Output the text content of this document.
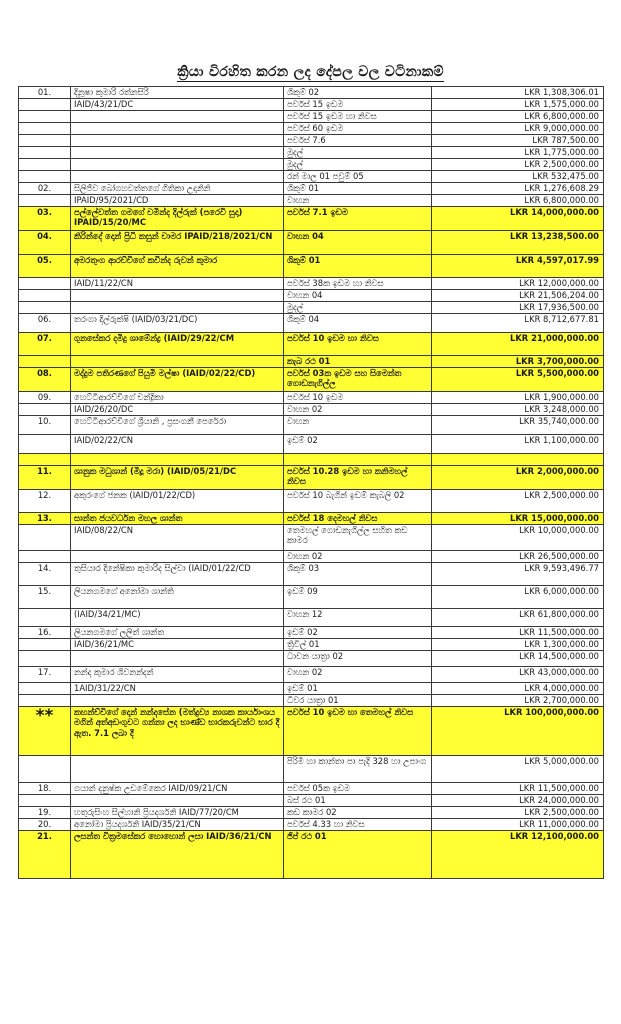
ක්‍රියා විරහිත කරන ලද දේපල වල වටිනාකම්
01.	දිනූෂා කුමාරි රත්නසිරි	ශිකුම් 02	LKR 1,308,306.01
	IAID/43/21/DC	පර්වස් 15 ඉඩම	LKR 1,575,000.00
		පර්වස් 15 ඉඩම හා නිවස	LKR 6,800,000.00
		පර්වස් 60 ඉඩම	LKR 9,000,000.00
		පර්වස් 7.6	LKR 787,500.00
		මුදල්	LKR 1,775,000.00
		මුදල්	LKR 2,500,000.00
		රන් මාල 01 පවුම් 05	LKR 532,475.00
02.	සිලිජිව බෝගහවත්තගේ ගිතිකා උදානිනි	ශිකුම් 01	LKR 1,276,608.29
	IPAID/95/2021/CD	වාහන	LKR 6,800,000.00
03.	පල්ලේවත්ත ගමගේ චමින්ද දිල්රුක් (පරෙවි සුදා) IPAID/15/20/MC	පර්වස් 7.1 ඉඩම	LKR 14,000,000.00
04.	කිරින්දේ දොන් ප්‍රිධි කසුන් චාමර IPAID/218/2021/CN	වාහන 04	LKR 13,238,500.00
05.	අමරතුංග ආරච්චිගේ කවින්ද රුවන් කුමාර	ශිකුම් 01	LKR 4,597,017.99
	IAID/11/22/CN	පර්වස් 38ක ඉඩම හා නිවස	LKR 12,000,000.00
		වාහන 04	LKR 21,506,204.00
		මුදල්	LKR 17,936,500.00
06.	තරංගා දිල්රුක්ෂි (IAID/03/21/DC)	ශිකුම් 04	LKR 8,712,677.81
07.	ගුනසේකර දමිදු ශාමේන්ද්‍ර (IAID/29/22/CM	පර්වස් 10 ඉඩම හා නිවස	LKR 21,000,000.00
		කැබ රථ 01	LKR 3,700,000.00
08.	මද්දුම පතිරණගේ පියුමි මල්ෂා (IAID/02/22/CD)	පර්වස් 03ක ඉඩම සහ සිමෙන්ත ගොඩනැගිල්ල	LKR 5,500,000.00
09.	හෙට්ටිආරච්චිගේ චන්ද්‍රිකා	පර්වස් 10 ඉඩම	LKR 1,900,000.00
	IAID/26/20/DC	වාහන 02	LKR 3,248,000.00
10.	හෙට්ටිආරච්චිගේ ශ්‍රියානි , ප්‍රසංගනී පෙරේරා	වාහන	LKR 35,740,000.00
	IAID/02/22/CN	ඉඩම් 02	LKR 1,100,000.00

11.	ශානුක මධුශාන් (මීදූ මරා) (IAID/05/21/DC	පර්වස් 10.28 ඉඩම හා කනිමහල් නිවස	LKR 2,000,000.00
12.	අකුරංගේ ජනක (IAID/01/22/CD)	පර්වස් 10 බැගින් ඉඩම් කැබලි 02	LKR 2,500,000.00
13.	සාන්ත ජයවර්ධන මහල ශාන්ත	පර්වස් 18 දෙමහල් නිවස	LKR 15,000,000.00
	IAID/08/22/CN	තෙමහල් ගොඩනැගිල්ල සහිත කඩ කාමර	LKR 10,000,000.00
		වාහන 02	LKR 26,500,000.00
14.	තුසියාර දිනේෂිකා කුමාරිද සිල්වා (IAID/01/22/CD	ශිකුම් 03	LKR 9,593,496.77
15.	ලියනගමගේ අනෝමා ශාන්ති	ඉඩම් 09	LKR 6,000,000.00
	(IAID/34/21/MC)	වාහන 12	LKR 61,800,000.00
16.	ලියනගමගේ ලලිත් ශාන්ත	ඉඩම් 02	LKR 11,500,000.00
	IAID/36/21/MC	ත්‍රිවිල් 01	LKR 1,300,000.00
		ධාවන යාත්‍රා 02	LKR 14,500,000.00
17.	නන්ද කුමාර ශිවනන්දන්	වාහන 02	LKR 43,000,000.00
	1AID/31/22/CN	ඉඩම් 01	LKR 4,000,000.00
		ධීවර යාත්‍රා 01	LKR 2,700,000.00
**	කහන්ච්චිගේ දොන් නන්දසේන (මත්ද්‍රව්‍ය නාශක කාර්යාංශය මගින් අත්අඩංගුවට ගන්නා ලද භාණ්ඩ භාරකරුවන්ට භාර දී ඇත. 7.1 ලබා දී	පර්වස් 10 ඉඩම හා තෙමහල් නිවස	LKR 100,000,000.00
		පිරිමි හා කාන්තා පා පැදි 328 හා උපාංග	LKR 5,000,000.00
18.	ගයාන් දනුෂ්ක උඩමේකෙර IAID/09/21/CN	පර්වස් 05ක ඉඩම	LKR 11,500,000.00
		බස් රථ 01	LKR 24,000,000.00
19.	හතුරුසිංහ සිල්හානි ප්‍රියදර්ශනි IAID/77/20/CM	කඩ කාමර 02	LKR 2,500,000.00
20.	අනෝමා ප්‍රියදර්ශනි IAID/35/21/CN	පර්වස් 4.33 හා නිවස	LKR 11,000,000.00
21.	ලසන්ත වික්‍රමසේකර හොහොන් ලසා IAID/36/21/CN	ජිප් රථ 01	LKR 12,100,000.00
